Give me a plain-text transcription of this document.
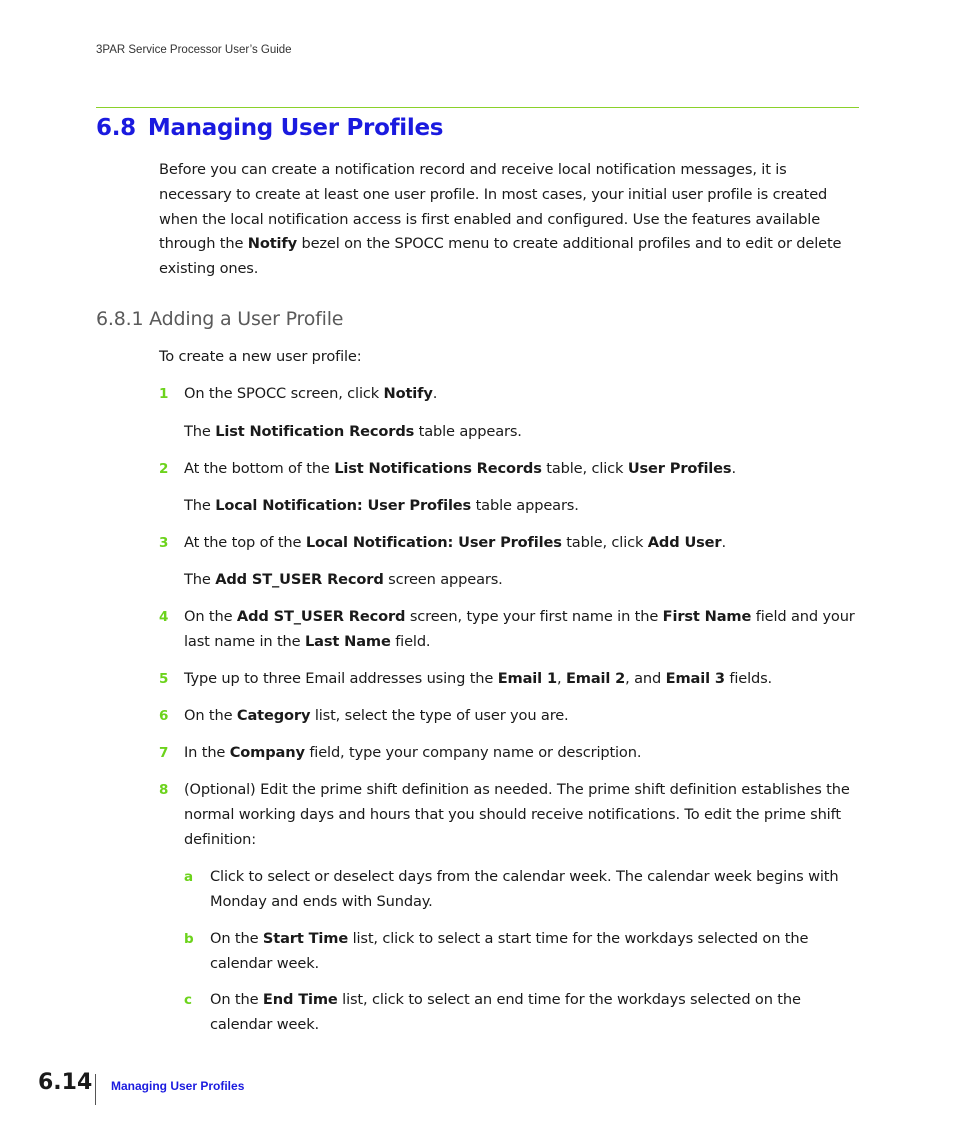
3PAR Service Processor User’s Guide
6.8 Managing User Profiles

Before you can create a notification record and receive local notification messages, it is necessary to create at least one user profile. In most cases, your initial user profile is created when the local notification access is first enabled and configured. Use the features available through the Notify bezel on the SPOCC menu to create additional profiles and to edit or delete existing ones.

6.8.1 Adding a User Profile

To create a new user profile:

1 On the SPOCC screen, click Notify.

The List Notification Records table appears.

2 At the bottom of the List Notifications Records table, click User Profiles.

The Local Notification: User Profiles table appears.

3 At the top of the Local Notification: User Profiles table, click Add User.

The Add ST_USER Record screen appears.

4 On the Add ST_USER Record screen, type your first name in the First Name field and your last name in the Last Name field.

5 Type up to three Email addresses using the Email 1, Email 2, and Email 3 fields.

6 On the Category list, select the type of user you are.

7 In the Company field, type your company name or description.

8 (Optional) Edit the prime shift definition as needed. The prime shift definition establishes the normal working days and hours that you should receive notifications. To edit the prime shift definition:

a Click to select or deselect days from the calendar week. The calendar week begins with Monday and ends with Sunday.

b On the Start Time list, click to select a start time for the workdays selected on the calendar week.

c On the End Time list, click to select an end time for the workdays selected on the calendar week.

6.14 Managing User Profiles
